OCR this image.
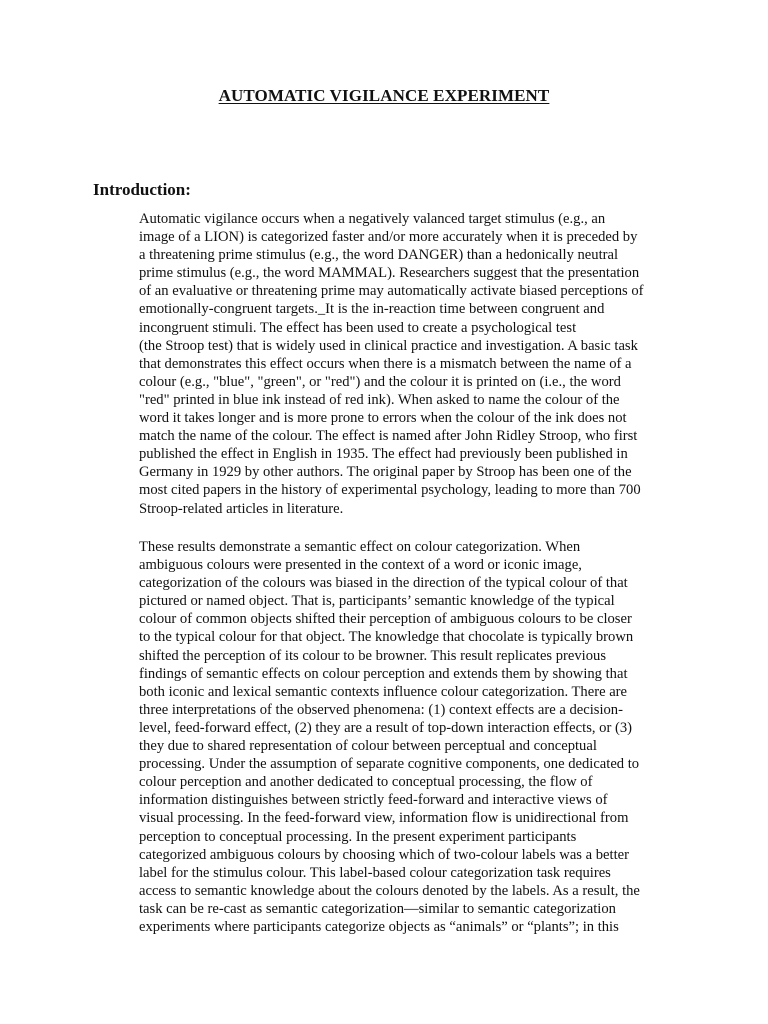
AUTOMATIC VIGILANCE EXPERIMENT
Introduction:

Automatic vigilance occurs when a negatively valanced target stimulus (e.g., an
image of a LION) is categorized faster and/or more accurately when it is preceded by
a threatening prime stimulus (e.g., the word DANGER) than a hedonically neutral
prime stimulus (e.g., the word MAMMAL). Researchers suggest that the presentation
of an evaluative or threatening prime may automatically activate biased perceptions of
emotionally-congruent targets._It is the in-reaction time between congruent and
incongruent stimuli. The effect has been used to create a psychological test
(the Stroop test) that is widely used in clinical practice and investigation. A basic task
that demonstrates this effect occurs when there is a mismatch between the name of a
colour (e.g., "blue", "green", or "red") and the colour it is printed on (i.e., the word
"red" printed in blue ink instead of red ink). When asked to name the colour of the
word it takes longer and is more prone to errors when the colour of the ink does not
match the name of the colour. The effect is named after John Ridley Stroop, who first
published the effect in English in 1935. The effect had previously been published in
Germany in 1929 by other authors. The original paper by Stroop has been one of the
most cited papers in the history of experimental psychology, leading to more than 700
Stroop-related articles in literature.

These results demonstrate a semantic effect on colour categorization. When
ambiguous colours were presented in the context of a word or iconic image,
categorization of the colours was biased in the direction of the typical colour of that
pictured or named object. That is, participants’ semantic knowledge of the typical
colour of common objects shifted their perception of ambiguous colours to be closer
to the typical colour for that object. The knowledge that chocolate is typically brown
shifted the perception of its colour to be browner. This result replicates previous
findings of semantic effects on colour perception and extends them by showing that
both iconic and lexical semantic contexts influence colour categorization. There are
three interpretations of the observed phenomena: (1) context effects are a decision-
level, feed-forward effect, (2) they are a result of top-down interaction effects, or (3)
they due to shared representation of colour between perceptual and conceptual
processing. Under the assumption of separate cognitive components, one dedicated to
colour perception and another dedicated to conceptual processing, the flow of
information distinguishes between strictly feed-forward and interactive views of
visual processing. In the feed-forward view, information flow is unidirectional from
perception to conceptual processing. In the present experiment participants
categorized ambiguous colours by choosing which of two-colour labels was a better
label for the stimulus colour. This label-based colour categorization task requires
access to semantic knowledge about the colours denoted by the labels. As a result, the
task can be re-cast as semantic categorization—similar to semantic categorization
experiments where participants categorize objects as “animals” or “plants”; in this
